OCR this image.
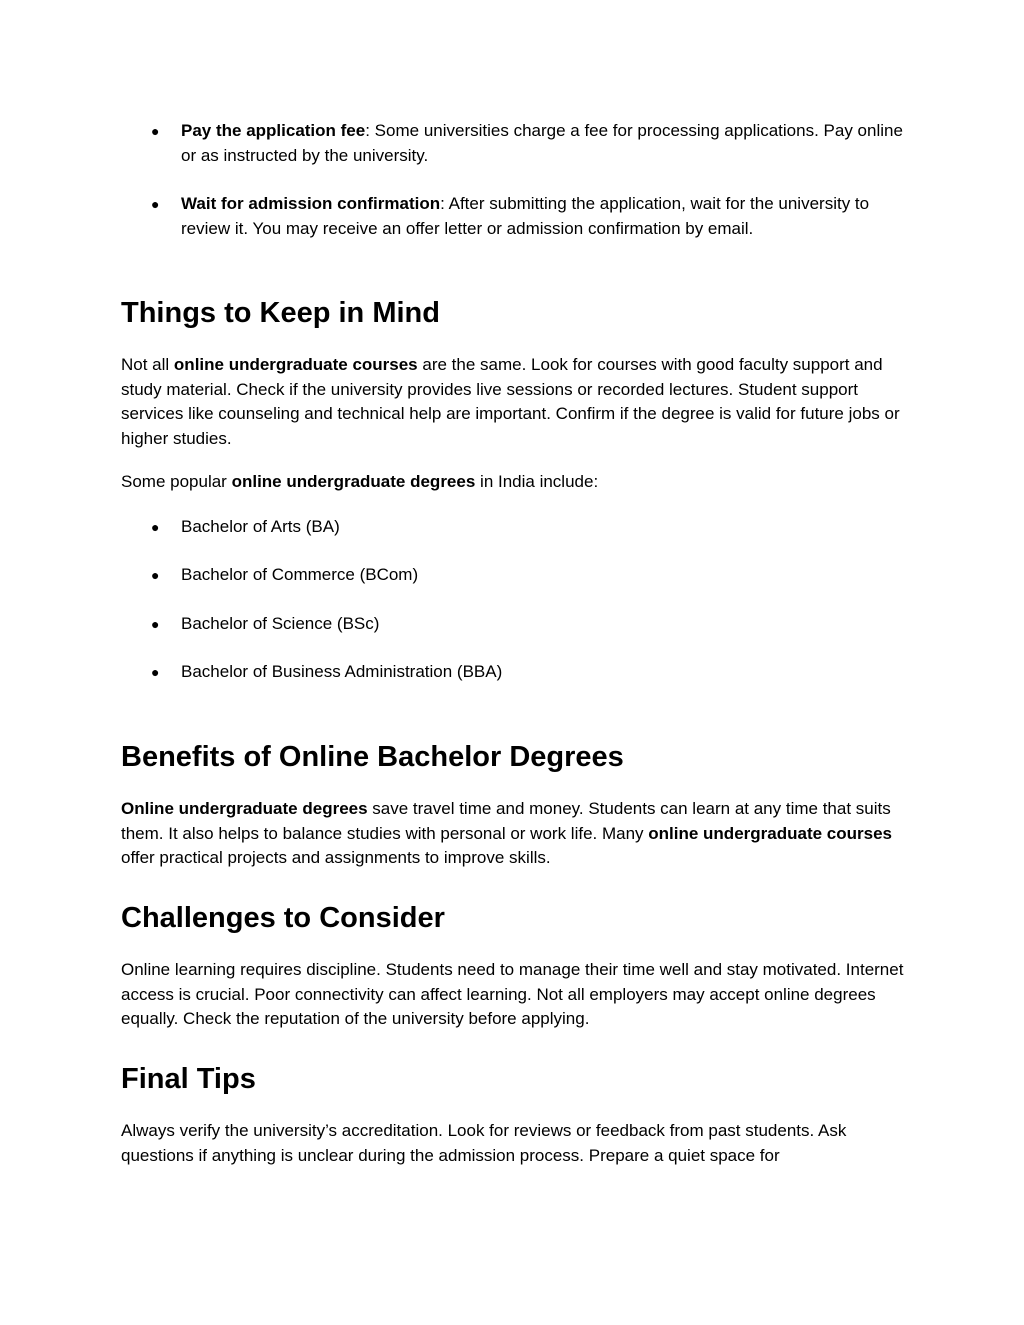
● Pay the application fee: Some universities charge a fee for processing applications. Pay online or as instructed by the university.
● Wait for admission confirmation: After submitting the application, wait for the university to review it. You may receive an offer letter or admission confirmation by email.
Things to Keep in Mind
Not all online undergraduate courses are the same. Look for courses with good faculty support and study material. Check if the university provides live sessions or recorded lectures. Student support services like counseling and technical help are important. Confirm if the degree is valid for future jobs or higher studies.
Some popular online undergraduate degrees in India include:
● Bachelor of Arts (BA)
● Bachelor of Commerce (BCom)
● Bachelor of Science (BSc)
● Bachelor of Business Administration (BBA)
Benefits of Online Bachelor Degrees
Online undergraduate degrees save travel time and money. Students can learn at any time that suits them. It also helps to balance studies with personal or work life. Many online undergraduate courses offer practical projects and assignments to improve skills.
Challenges to Consider
Online learning requires discipline. Students need to manage their time well and stay motivated. Internet access is crucial. Poor connectivity can affect learning. Not all employers may accept online degrees equally. Check the reputation of the university before applying.
Final Tips
Always verify the university’s accreditation. Look for reviews or feedback from past students. Ask questions if anything is unclear during the admission process. Prepare a quiet space for
